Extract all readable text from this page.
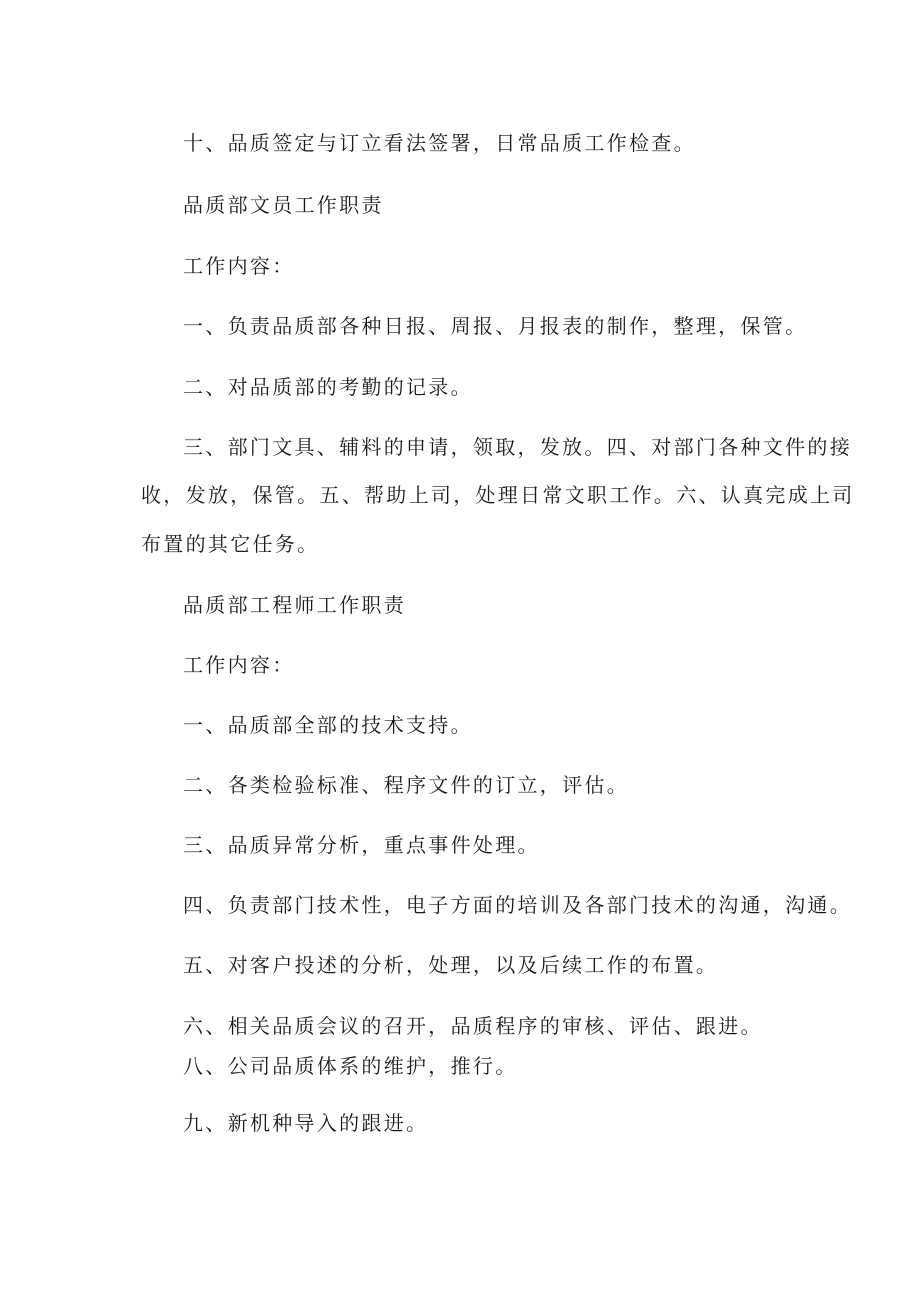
十、品质签定与订立看法签署，日常品质工作检查。

品质部文员工作职责

工作内容：

一、负责品质部各种日报、周报、月报表的制作，整理，保管。

二、对品质部的考勤的记录。

三、部门文具、辅料的申请，领取，发放。四、对部门各种文件的接

收，发放，保管。五、帮助上司，处理日常文职工作。六、认真完成上司

布置的其它任务。

品质部工程师工作职责

工作内容：

一、品质部全部的技术支持。

二、各类检验标准、程序文件的订立，评估。

三、品质异常分析，重点事件处理。

四、负责部门技术性，电子方面的培训及各部门技术的沟通，沟通。

五、对客户投述的分析，处理，以及后续工作的布置。

六、相关品质会议的召开，品质程序的审核、评估、跟进。

八、公司品质体系的维护，推行。

九、新机种导入的跟进。
